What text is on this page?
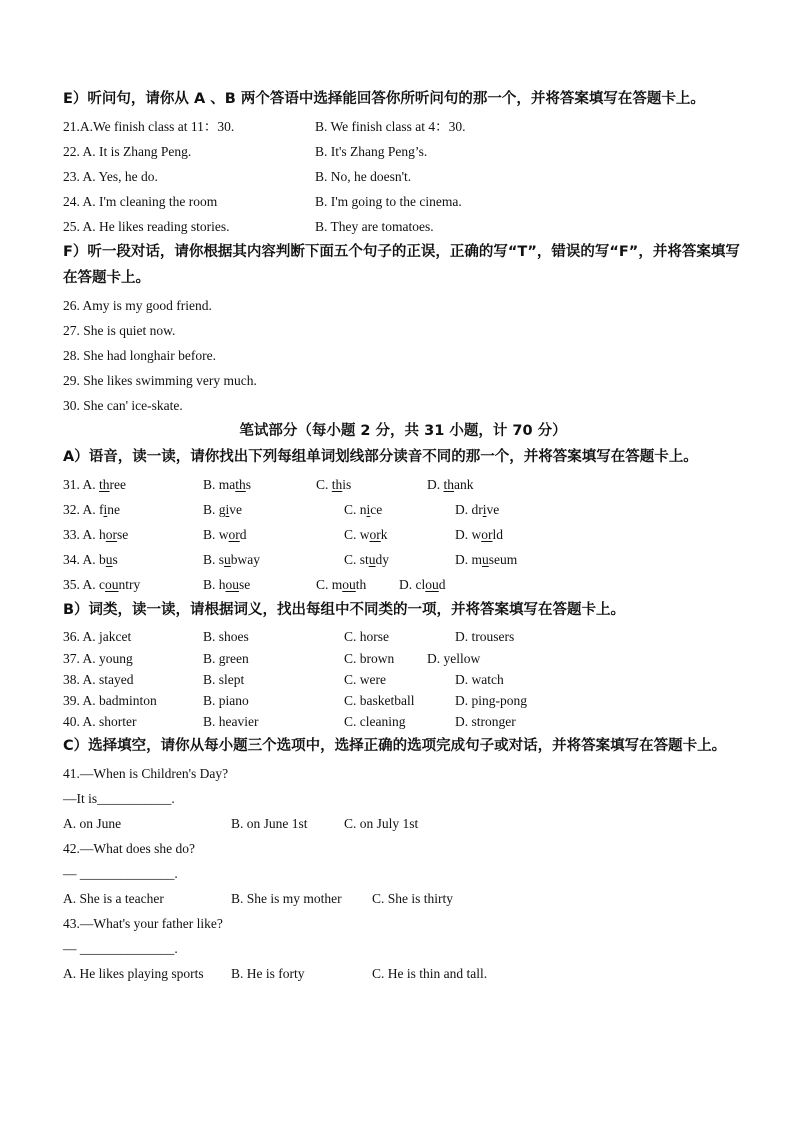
E）听问句，请你从 A 、B 两个答语中选择能回答你所听问句的那一个，并将答案填写在答题卡上。
21.A.We finish class at 11：30.	B. We finish class at 4：30.
22. A. It is Zhang Peng.	B. It's Zhang Peng’s.
23. A. Yes, he do.	B. No, he doesn't.
24. A. I'm cleaning the room	B. I'm going to the cinema.
25. A. He likes reading stories.	B. They are tomatoes.
F）听一段对话，请你根据其内容判断下面五个句子的正误，正确的写“T”，错误的写“F”，并将答案填写在答题卡上。
26. Amy is my good friend.
27. She is quiet now.
28. She had longhair before.
29. She likes swimming very much.
30. She can' ice-skate.
笔试部分（每小题 2 分，共 31 小题，计 70 分）
A）语音，读一读，请你找出下列每组单词划线部分读音不同的那一个，并将答案填写在答题卡上。
31. A. three	B. maths	C. this	D. thank
32. A. fine	B. give	C. nice	D. drive
33. A. horse	B. word	C. work	D. world
34. A. bus	B. subway	C. study	D. museum
35. A. country	B. house	C. mouth D. cloud
B）词类，读一读，请根据词义，找出每组中不同类的一项，并将答案填写在答题卡上。
36. A. jakcet	B. shoes	C. horse	D. trousers
37. A. young	B. green	C. brown D. yellow
38. A. stayed	B. slept	C. were	D. watch
39. A. badminton	B. piano	C. basketball	D. ping-pong
40. A. shorter	B. heavier	C. cleaning	D. stronger
C）选择填空，请你从每小题三个选项中，选择正确的选项完成句子或对话，并将答案填写在答题卡上。
41.—When is Children's Day?
—It is___________.
A. on June	B. on June 1st	C. on July 1st
42.—What does she do?
— ______________.
A. She is a teacher	B. She is my mother C. She is thirty
43.—What's your father like?
— ______________.
A. He likes playing sports B. He is forty	C. He is thin and tall.
